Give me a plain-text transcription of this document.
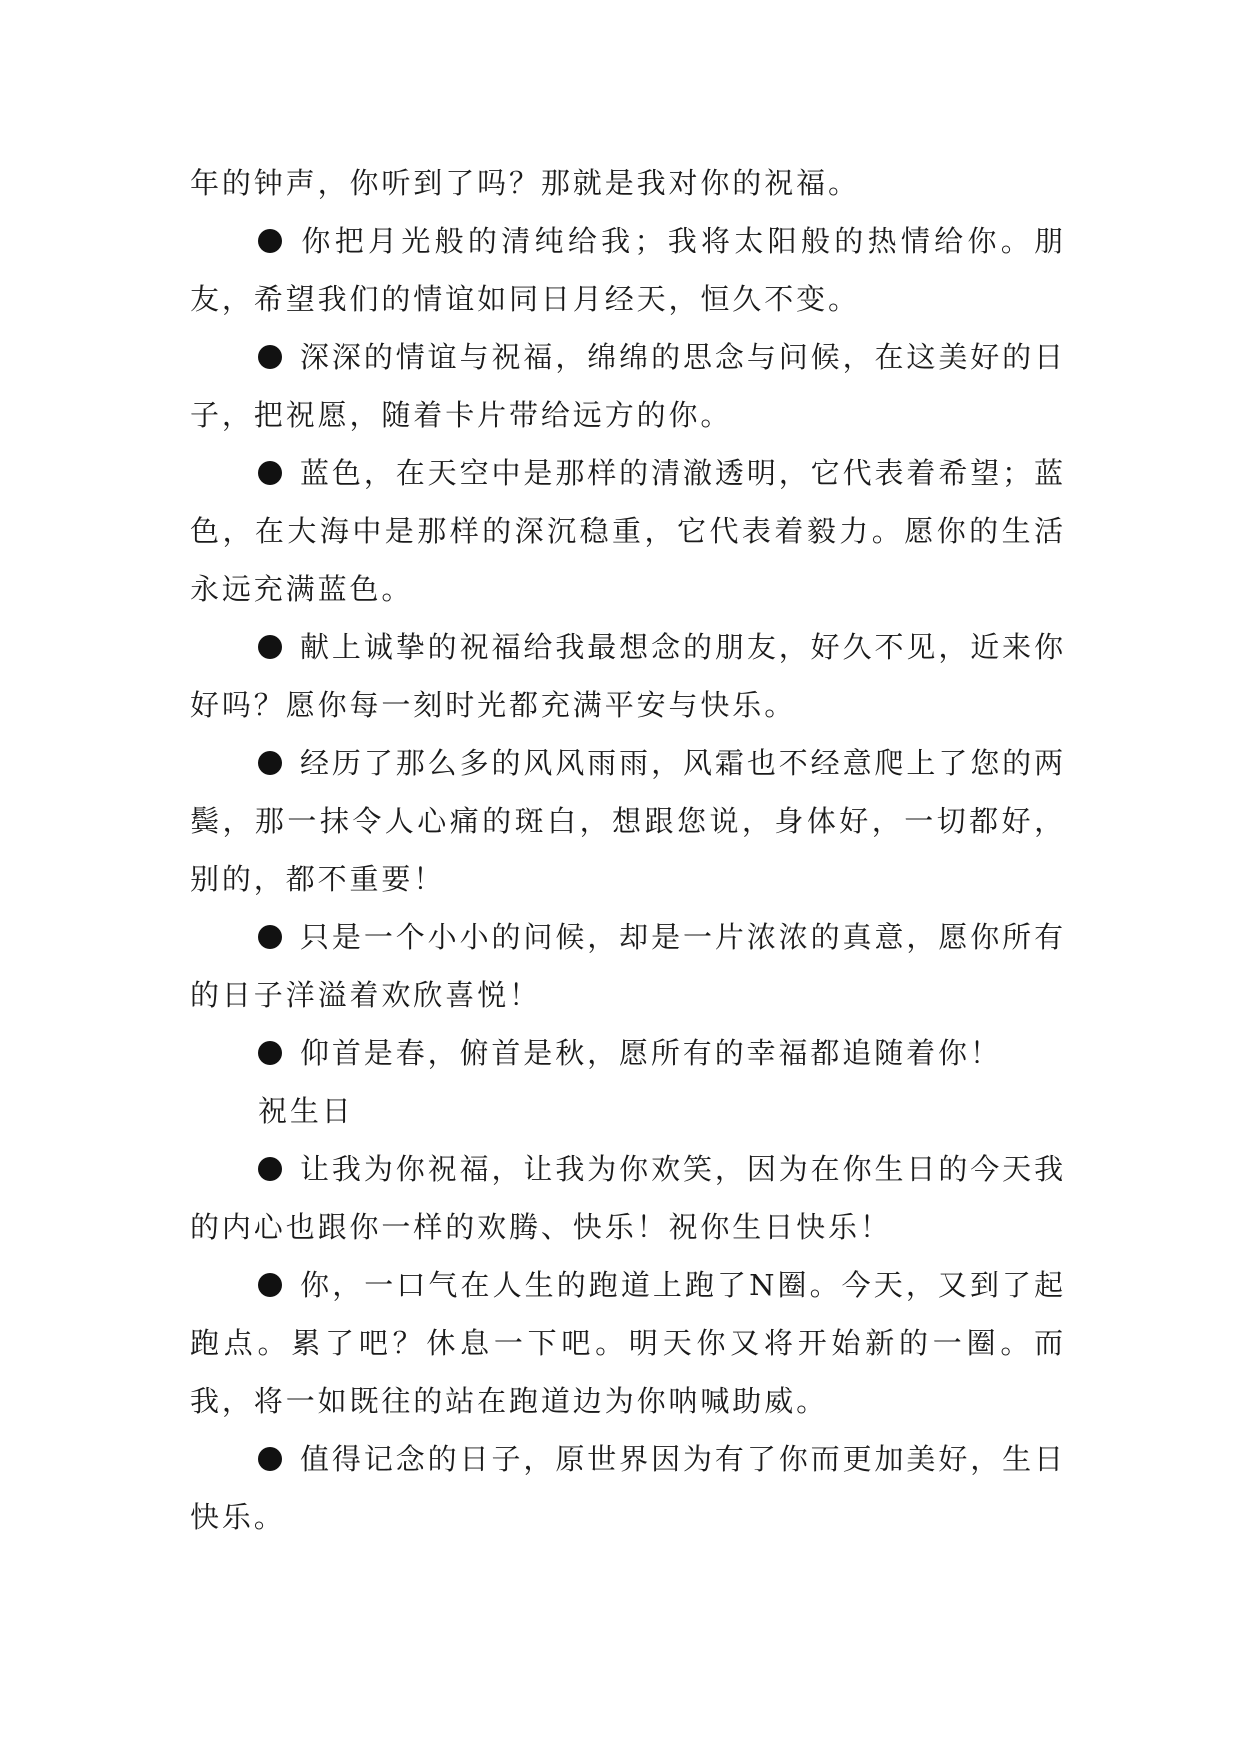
年的钟声，你听到了吗？那就是我对你的祝福。

你把月光般的清纯给我；我将太阳般的热情给你。朋友，希望我们的情谊如同日月经天，恒久不变。

深深的情谊与祝福，绵绵的思念与问候，在这美好的日子，把祝愿，随着卡片带给远方的你。

蓝色，在天空中是那样的清澈透明，它代表着希望；蓝色，在大海中是那样的深沉稳重，它代表着毅力。愿你的生活永远充满蓝色。

献上诚挚的祝福给我最想念的朋友，好久不见，近来你好吗？愿你每一刻时光都充满平安与快乐。

经历了那么多的风风雨雨，风霜也不经意爬上了您的两鬓，那一抹令人心痛的斑白，想跟您说，身体好，一切都好，别的，都不重要！

只是一个小小的问候，却是一片浓浓的真意，愿你所有的日子洋溢着欢欣喜悦！

仰首是春，俯首是秋，愿所有的幸福都追随着你！

祝生日

让我为你祝福，让我为你欢笑，因为在你生日的今天我的内心也跟你一样的欢腾、快乐！祝你生日快乐！

你，一口气在人生的跑道上跑了N圈。今天，又到了起跑点。累了吧？休息一下吧。明天你又将开始新的一圈。而我，将一如既往的站在跑道边为你呐喊助威。

值得记念的日子，原世界因为有了你而更加美好，生日快乐。
